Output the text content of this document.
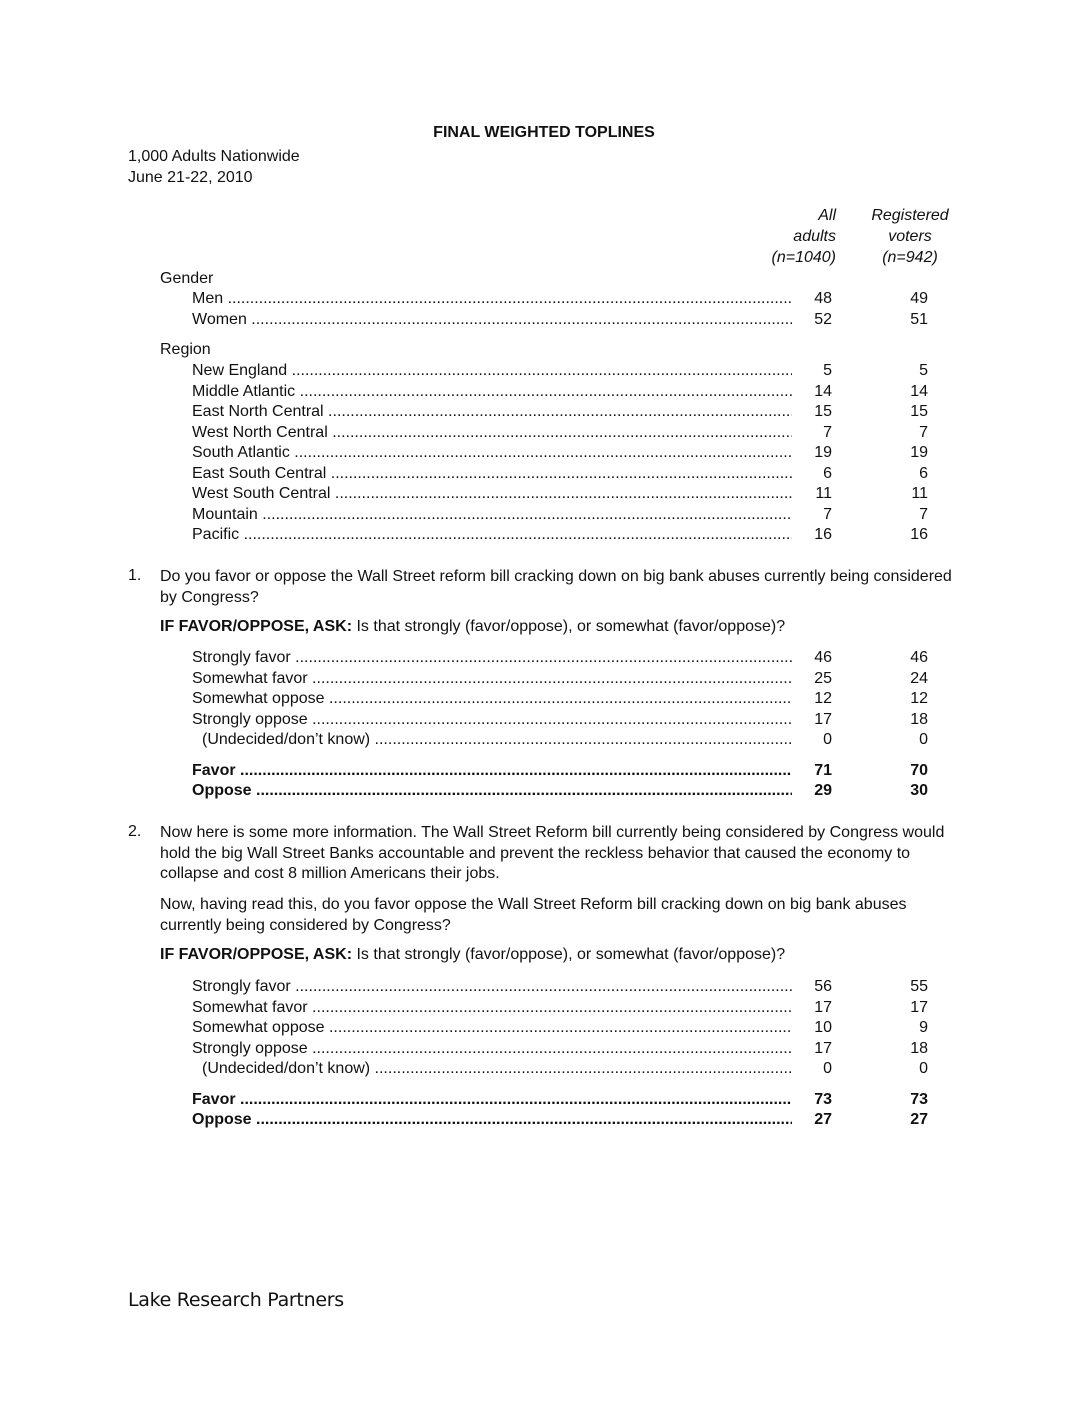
FINAL WEIGHTED TOPLINES
1,000 Adults Nationwide
June 21-22, 2010
All
adults
(n=1040)
Registered
voters
(n=942)
Gender
Men .....	48	49
Women .....	52	51
Region
New England .....	5	5
Middle Atlantic .....	14	14
East North Central .....	15	15
West North Central .....	7	7
South Atlantic .....	19	19
East South Central .....	6	6
West South Central .....	11	11
Mountain .....	7	7
Pacific .....	16	16
1. Do you favor or oppose the Wall Street reform bill cracking down on big bank abuses currently being considered by Congress?
IF FAVOR/OPPOSE, ASK: Is that strongly (favor/oppose), or somewhat (favor/oppose)?
Strongly favor .....	46	46
Somewhat favor .....	25	24
Somewhat oppose .....	12	12
Strongly oppose .....	17	18
(Undecided/don’t know) .....	0	0
Favor .....	71	70
Oppose .....	29	30
2. Now here is some more information. The Wall Street Reform bill currently being considered by Congress would hold the big Wall Street Banks accountable and prevent the reckless behavior that caused the economy to collapse and cost 8 million Americans their jobs.
Now, having read this, do you favor oppose the Wall Street Reform bill cracking down on big bank abuses currently being considered by Congress?
IF FAVOR/OPPOSE, ASK: Is that strongly (favor/oppose), or somewhat (favor/oppose)?
Strongly favor .....	56	55
Somewhat favor .....	17	17
Somewhat oppose .....	10	9
Strongly oppose .....	17	18
(Undecided/don’t know) .....	0	0
Favor .....	73	73
Oppose .....	27	27
Lake Research Partners
